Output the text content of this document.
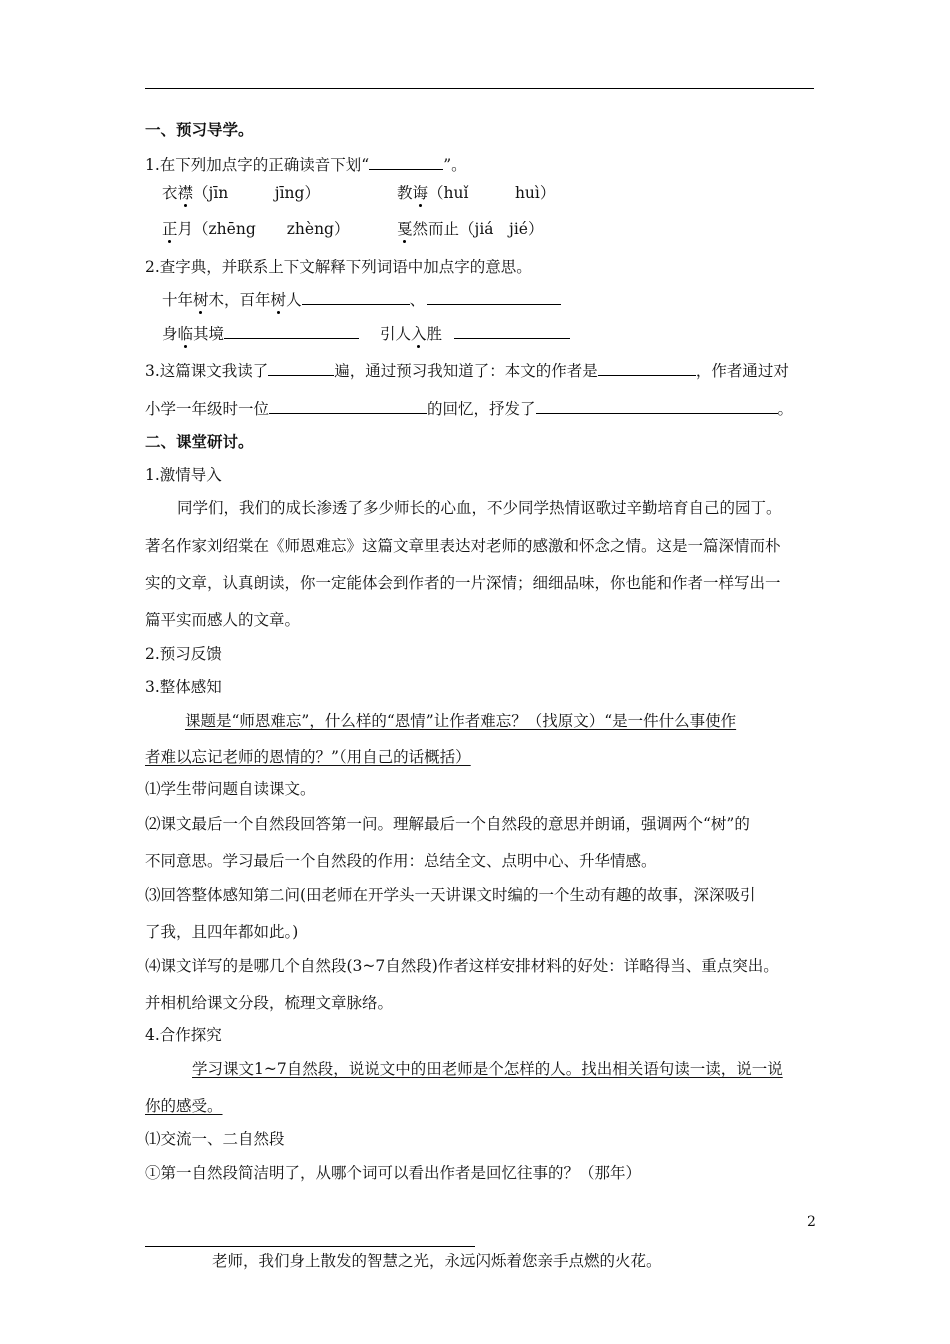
一、预习导学。
1.在下列加点字的正确读音下划“	”。
衣襟（jīn　　　jīng）	教诲（huǐ　　　huì）
正月（zhēng　　zhèng）	戛然而止（jiá　jié）
2.查字典，并联系上下文解释下列词语中加点字的意思。
十年树木，百年树人	、
身临其境	引人入胜
3.这篇课文我读了	遍，通过预习我知道了：本文的作者是	，作者通过对
小学一年级时一位	的回忆，抒发了	。
二、课堂研讨。
1.激情导入
同学们，我们的成长渗透了多少师长的心血，不少同学热情讴歌过辛勤培育自己的园丁。
著名作家刘绍棠在《师恩难忘》这篇文章里表达对老师的感激和怀念之情。这是一篇深情而朴
实的文章，认真朗读，你一定能体会到作者的一片深情；细细品味，你也能和作者一样写出一
篇平实而感人的文章。
2.预习反馈
3.整体感知
课题是“师恩难忘”，什么样的“恩情”让作者难忘？（找原文）“是一件什么事使作
者难以忘记老师的恩情的？”（用自己的话概括）
⑴学生带问题自读课文。
⑵课文最后一个自然段回答第一问。理解最后一个自然段的意思并朗诵，强调两个“树”的
不同意思。学习最后一个自然段的作用：总结全文、点明中心、升华情感。
⑶回答整体感知第二问(田老师在开学头一天讲课文时编的一个生动有趣的故事，深深吸引
了我，且四年都如此。)
⑷课文详写的是哪几个自然段(3~7自然段)作者这样安排材料的好处：详略得当、重点突出。
并相机给课文分段，梳理文章脉络。
4.合作探究
学习课文1~7自然段，说说文中的田老师是个怎样的人。找出相关语句读一读，说一说
你的感受。
⑴交流一、二自然段
①第一自然段简洁明了，从哪个词可以看出作者是回忆往事的？（那年）
2
老师，我们身上散发的智慧之光，永远闪烁着您亲手点燃的火花。
